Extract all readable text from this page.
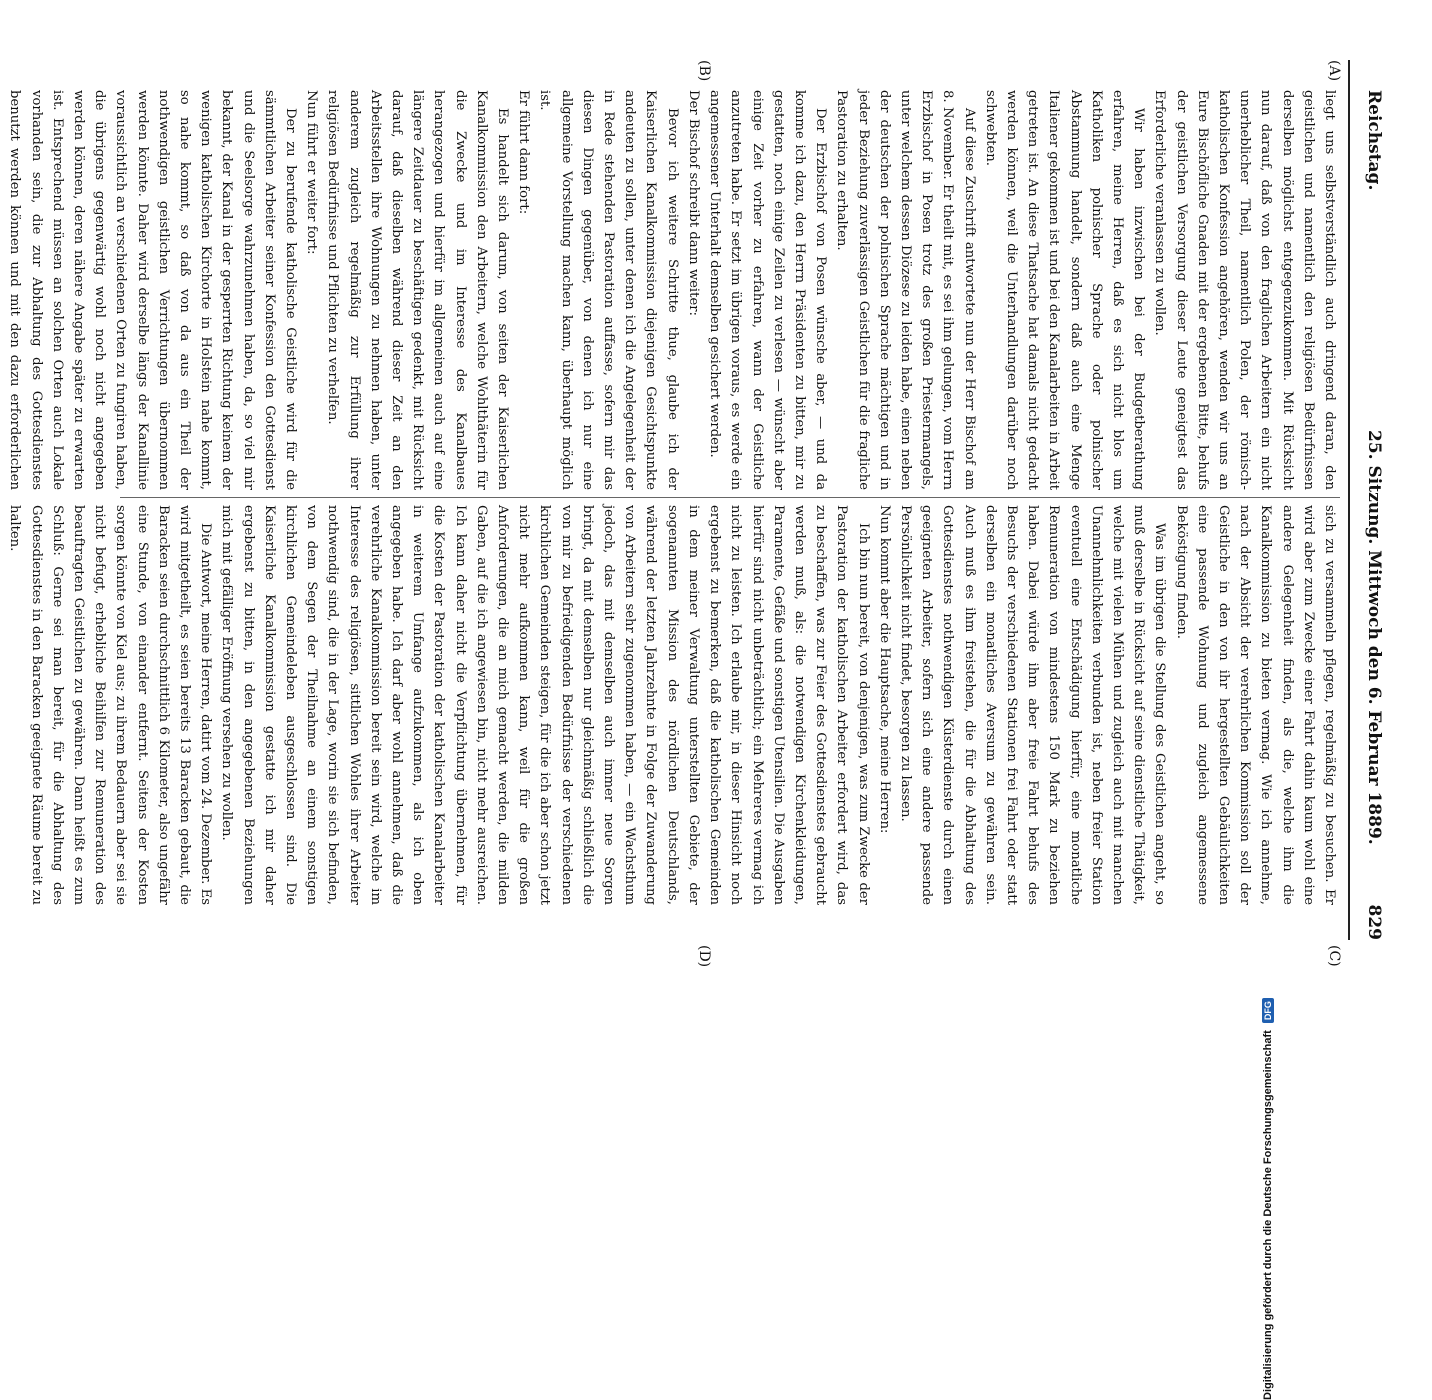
Reichstag.
25. Sitzung. Mittwoch den 6. Februar 1889.
829
(A)
(B)
(C)
(D)

liegt uns selbstverständlich auch dringend daran, den geistlichen und namentlich den religiösen Bedürfnissen derselben möglichst entgegenzukommen. Mit Rücksicht nun darauf, daß von den fraglichen Arbeitern ein nicht unerheblicher Theil, namentlich Polen, der römisch-katholischen Konfession angehören, wenden wir uns an Eure Bischöfliche Gnaden mit der ergebenen Bitte, behufs der geistlichen Versorgung dieser Leute geneigtest das Erforderliche veranlassen zu wollen.

Wir haben inzwischen bei der Budgetberathung erfahren, meine Herren, daß es sich nicht blos um Katholiken polnischer Sprache oder polnischer Abstammung handelt, sondern daß auch eine Menge Italiener gekommen ist und bei den Kanalarbeiten in Arbeit getreten ist. An diese Thatsache hat damals nicht gedacht werden können, weil die Unterhandlungen darüber noch schwebten.

Auf diese Zuschrift antwortete nun der Herr Bischof am 8. November. Er theilt mit, es sei ihm gelungen, vom Herrn Erzbischof in Posen trotz des großen Priestermangels, unter welchem dessen Diözese zu leiden habe, einen neben der deutschen der polnischen Sprache mächtigen und in jeder Beziehung zuverlässigen Geistlichen für die fragliche Pastoration zu erhalten.

Der Erzbischof von Posen wünsche aber, — und da komme ich dazu, den Herrn Präsidenten zu bitten, mir zu gestatten, noch einige Zeilen zu verlesen — wünscht aber einige Zeit vorher zu erfahren, wann der Geistliche anzutreten habe. Er setzt im übrigen voraus, es werde ein angemessener Unterhalt demselben gesichert werden.

Der Bischof schreibt dann weiter:

Bevor ich weitere Schritte thue, glaube ich der Kaiserlichen Kanalkommission diejenigen Gesichtspunkte andeuten zu sollen, unter denen ich die Angelegenheit der in Rede stehenden Pastoration auffasse, sofern mir das diesen Dingen gegenüber, von denen ich nur eine allgemeine Vorstellung machen kann, überhaupt möglich ist.

Er führt dann fort:

Es handelt sich darum, von seiten der Kaiserlichen Kanalkommission den Arbeitern, welche Wohlthäterin für die Zwecke und im Interesse des Kanalbaues herangezogen und hierfür im allgemeinen auch auf eine längere Zeitdauer zu beschäftigen gedenkt, mit Rücksicht darauf, daß dieselben während dieser Zeit an den Arbeitsstellen ihre Wohnungen zu nehmen haben, unter anderem zugleich regelmäßig zur Erfüllung ihrer religiösen Bedürfnisse und Pflichten zu verhelfen.

Nun führt er weiter fort:

Der zu berufende katholische Geistliche wird für die sämmtlichen Arbeiter seiner Konfession den Gottesdienst und die Seelsorge wahrzunehmen haben, da, so viel mir bekannt, der Kanal in der gesperrten Richtung keinem der wenigen katholischen Kirchorte in Holstein nahe kommt, so nahe kommt, so daß von da aus ein Theil der nothwendigen geistlichen Verrichtungen übernommen werden könnte. Daher wird derselbe längs der Kanallinie voraussichtlich an verschiedenen Orten zu fungiren haben, die übrigens gegenwärtig wohl noch nicht angegeben werden können, deren nähere Angabe später zu erwarten ist. Entsprechend müssen an solchen Orten auch Lokale vorhanden sein, die zur Abhaltung des Gottesdienstes benutzt werden können und mit den dazu erforderlichen

sich zu versammeln pflegen, regelmäßig zu besuchen. Er wird aber zum Zwecke einer Fahrt dahin kaum wohl eine andere Gelegenheit finden, als die, welche ihm die Kanalkommission zu bieten vermag. Wie ich annehme, nach der Absicht der verehrlichen Kommission soll der Geistliche in den von ihr hergestellten Gebäulichkeiten eine passende Wohnung und zugleich angemessene Beköstigung finden.

Was im übrigen die Stellung des Geistlichen angeht, so muß derselbe in Rücksicht auf seine dienstliche Thätigkeit, welche mit vielen Mühen und zugleich auch mit manchen Unannehmlichkeiten verbunden ist, neben freier Station eventuell eine Entschädigung hierfür, eine monatliche Remuneration von mindestens 150 Mark zu beziehen haben. Dabei würde ihm aber freie Fahrt behufs des Besuchs der verschiedenen Stationen frei Fahrt oder statt derselben ein monatliches Aversum zu gewähren sein. Auch muß es ihm freistehen, die für die Abhaltung des Gottesdienstes nothwendigen Küsterdienste durch einen geeigneten Arbeiter, sofern sich eine andere passende Persönlichkeit nicht findet, besorgen zu lassen.

Nun kommt aber die Hauptsache, meine Herren:

Ich bin nun bereit, von denjenigen, was zum Zwecke der Pastoration der katholischen Arbeiter erfordert wird, das zu beschaffen, was zur Feier des Gottesdienstes gebraucht werden muß, als: die notwendigen Kirchenkleidungen, Paramente, Gefäße und sonstigen Utensilien. Die Ausgaben hierfür sind nicht unbeträchtlich; ein Mehreres vermag ich nicht zu leisten. Ich erlaube mir, in dieser Hinsicht noch ergebenst zu bemerken, daß die katholischen Gemeinden in dem meiner Verwaltung unterstellten Gebiete, der sogenannten Mission des nördlichen Deutschlands, während der letzten Jahrzehnte in Folge der Zuwanderung von Arbeitern sehr zugenommen haben, — ein Wachsthum jedoch, das mit demselben auch immer neue Sorgen bringt, da mit demselben nur gleichmäßig schließlich die von mir zu befriedigenden Bedürfnisse der verschiedenen kirchlichen Gemeinden steigen, für die ich aber schon jetzt nicht mehr aufkommen kann, weil für die großen Anforderungen, die an mich gemacht werden, die milden Gaben, auf die ich angewiesen bin, nicht mehr ausreichen. Ich kann daher nicht die Verpflichtung übernehmen, für die Kosten der Pastoration der katholischen Kanalarbeiter in weiterem Umfange aufzukommen, als ich oben angegeben habe. Ich darf aber wohl annehmen, daß die verehrliche Kanalkommission bereit sein wird, welche im Interesse des religiösen, sittlichen Wohles ihrer Arbeiter nothwendig sind, die in der Lage, worin sie sich befinden, von dem Segen der Theilnahme an einem sonstigen kirchlichen Gemeindeleben ausgeschlossen sind. Die Kaiserliche Kanalkommission gestatte ich mir daher ergebenst zu bitten, in den angegebenen Beziehungen mich mit gefälliger Eröffnung versehen zu wollen.

Die Antwort, meine Herren, datirt vom 24. Dezember. Es wird mitgetheilt, es seien bereits 13 Baracken gebaut, die Baracken seien durchschnittlich 6 Kilometer, also ungefähr eine Stunde, von einander entfernt. Seitens der Kosten sorgen könnte von Kiel aus; zu ihrem Bedauern aber sei sie nicht befugt, erhebliche Beihilfen zur Remuneration des beauftragten Geistlichen zu gewähren. Dann heißt es zum Schluß: Gerne sei man bereit, für die Abhaltung des Gottesdienstes in den Baracken geeignete Räume bereit zu halten.

Digitalisierung gefördert durch die Deutsche Forschungsgemeinschaft DFG
